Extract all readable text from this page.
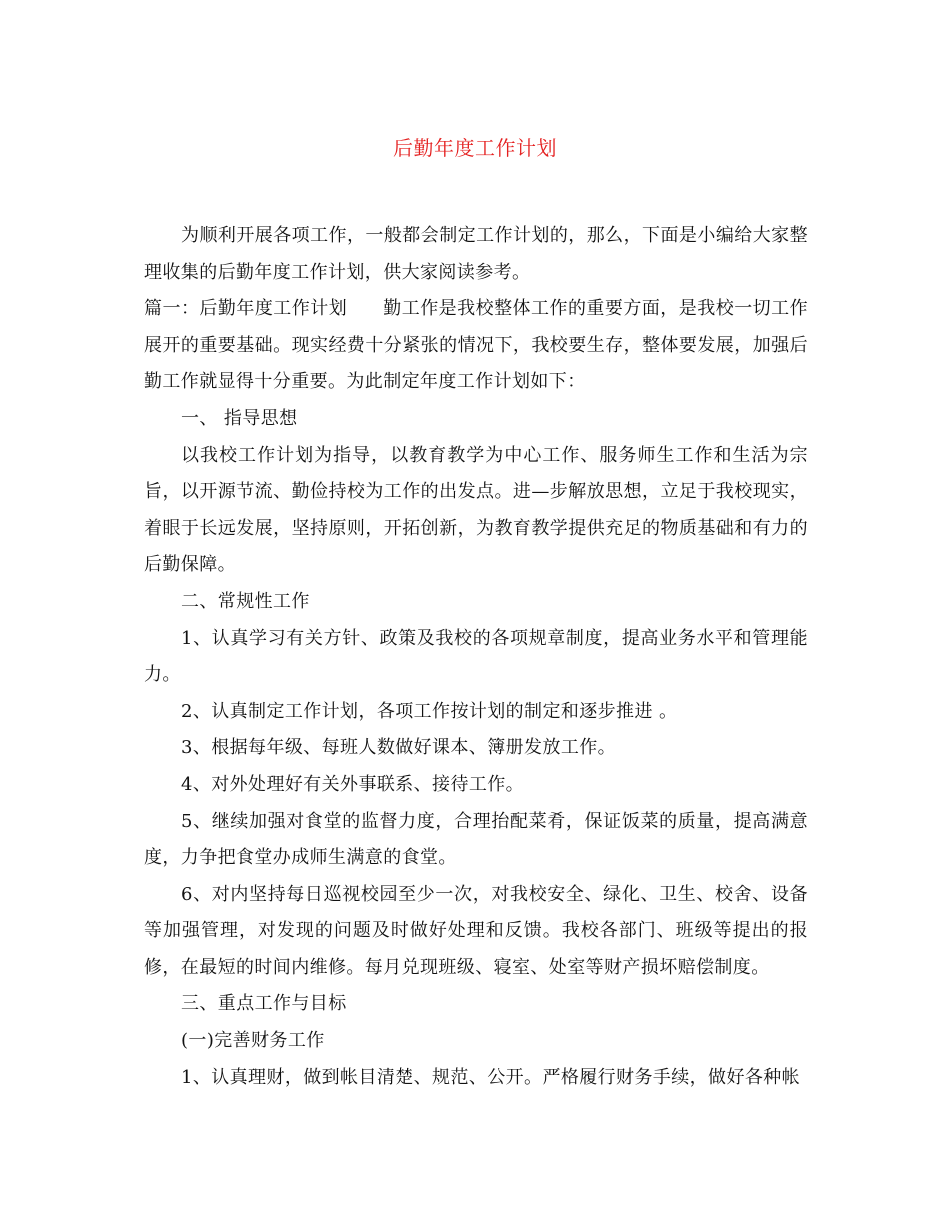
后勤年度工作计划

为顺利开展各项工作，一般都会制定工作计划的，那么，下面是小编给大家整理收集的后勤年度工作计划，供大家阅读参考。

篇一：后勤年度工作计划 勤工作是我校整体工作的重要方面，是我校一切工作展开的重要基础。现实经费十分紧张的情况下，我校要生存，整体要发展，加强后勤工作就显得十分重要。为此制定年度工作计划如下：

一、 指导思想

以我校工作计划为指导，以教育教学为中心工作、服务师生工作和生活为宗旨，以开源节流、勤俭持校为工作的出发点。进—步解放思想，立足于我校现实，着眼于长远发展，坚持原则，开拓创新，为教育教学提供充足的物质基础和有力的后勤保障。

二、常规性工作

1、认真学习有关方针、政策及我校的各项规章制度，提高业务水平和管理能力。

2、认真制定工作计划，各项工作按计划的制定和逐步推进 。

3、根据每年级、每班人数做好课本、簿册发放工作。

4、对外处理好有关外事联系、接待工作。

5、继续加强对食堂的监督力度，合理抬配菜肴，保证饭菜的质量，提高满意度，力争把食堂办成师生满意的食堂。

6、对内坚持每日巡视校园至少一次，对我校安全、绿化、卫生、校舍、设备等加强管理，对发现的问题及时做好处理和反馈。我校各部门、班级等提出的报修，在最短的时间内维修。每月兑现班级、寝室、处室等财产损坏赔偿制度。

三、重点工作与目标

(一)完善财务工作

1、认真理财，做到帐目清楚、规范、公开。严格履行财务手续，做好各种帐
